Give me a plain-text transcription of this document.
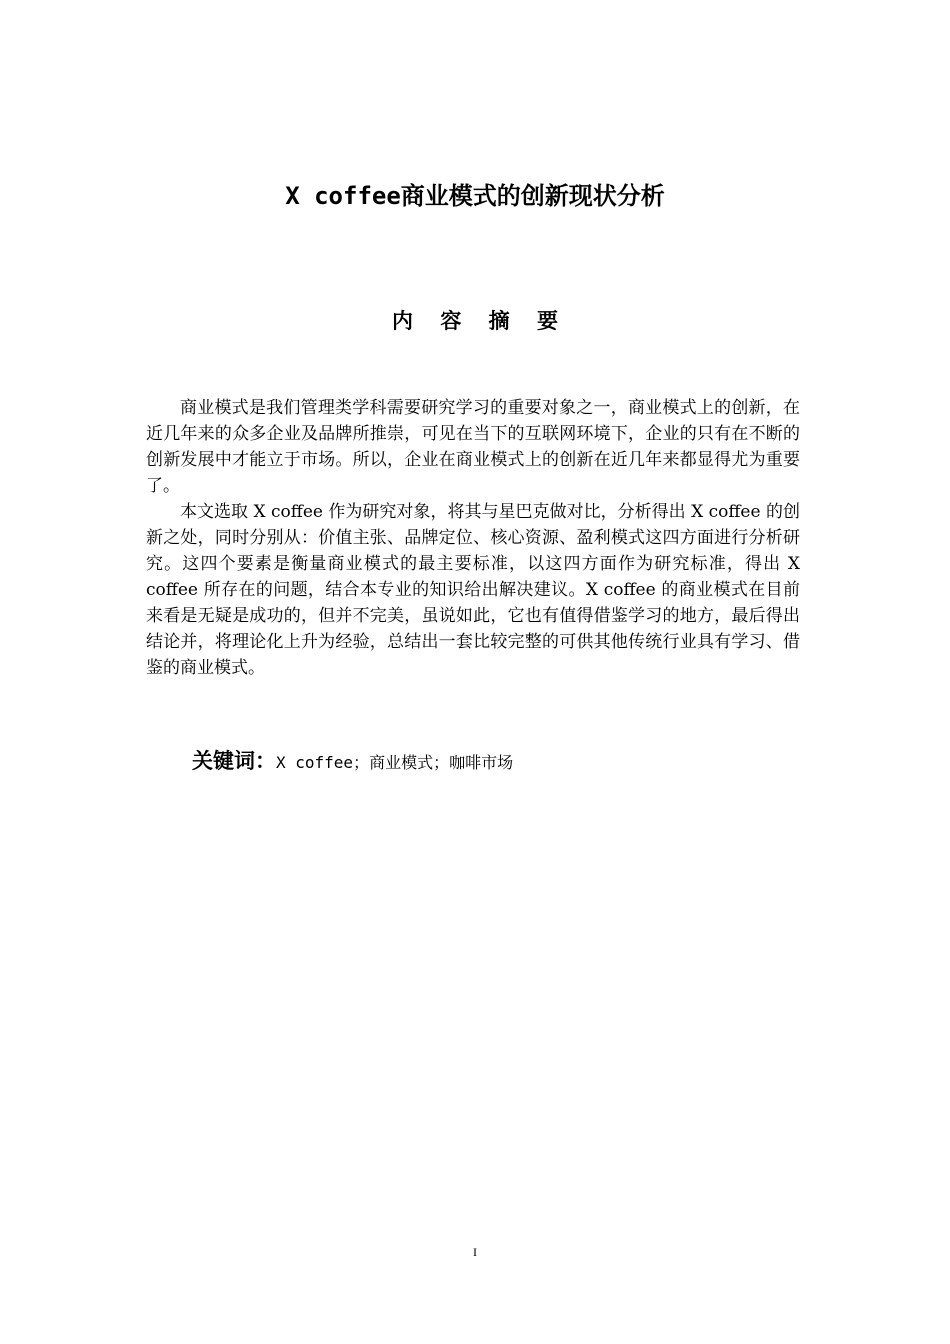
X coffee商业模式的创新现状分析
内 容 摘 要

商业模式是我们管理类学科需要研究学习的重要对象之一，商业模式上的创新，在近几年来的众多企业及品牌所推崇，可见在当下的互联网环境下，企业的只有在不断的创新发展中才能立于市场。所以，企业在商业模式上的创新在近几年来都显得尤为重要了。

本文选取 X coffee 作为研究对象，将其与星巴克做对比，分析得出 X coffee 的创新之处，同时分别从：价值主张、品牌定位、核心资源、盈利模式这四方面进行分析研究。这四个要素是衡量商业模式的最主要标准，以这四方面作为研究标准，得出 X coffee 所存在的问题，结合本专业的知识给出解决建议。X coffee 的商业模式在目前来看是无疑是成功的，但并不完美，虽说如此，它也有值得借鉴学习的地方，最后得出结论并，将理论化上升为经验，总结出一套比较完整的可供其他传统行业具有学习、借鉴的商业模式。

关键词：X coffee；商业模式；咖啡市场
I
